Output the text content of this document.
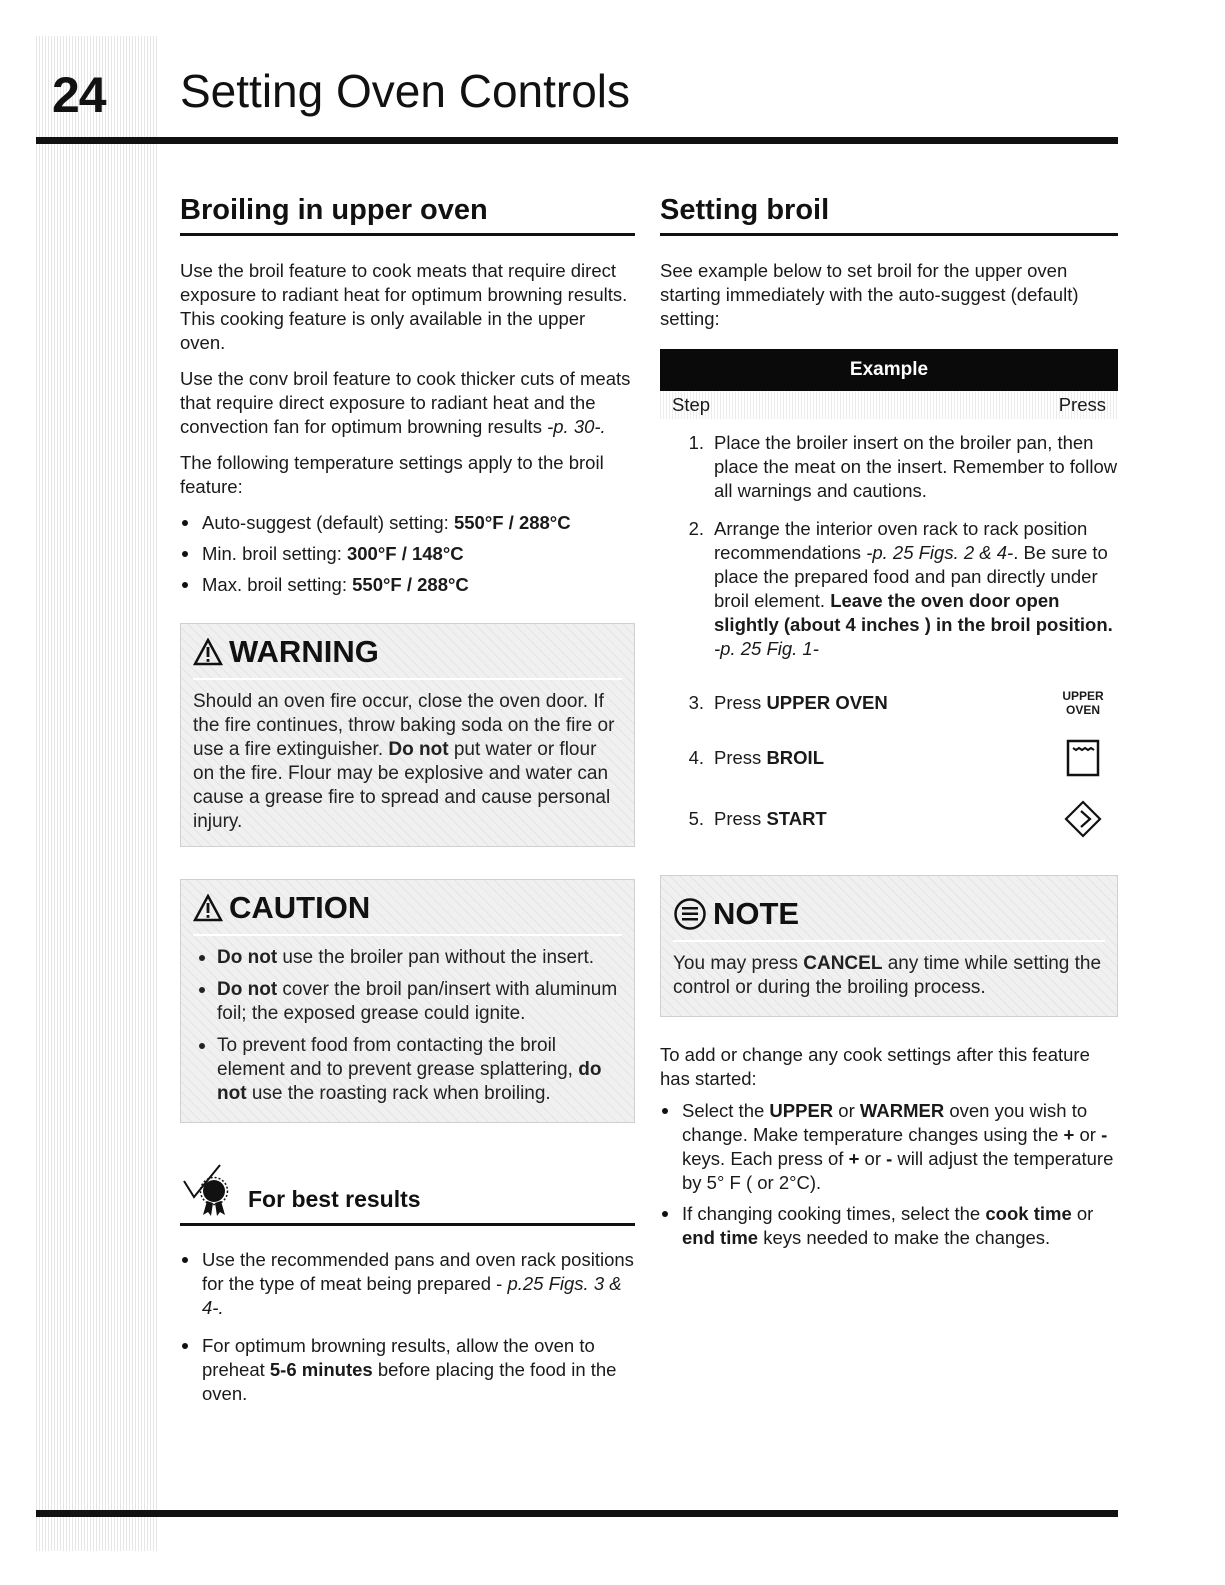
24 Setting Oven Controls
Broiling in upper oven

Use the broil feature to cook meats that require direct exposure to radiant heat for optimum browning results. This cooking feature is only available in the upper oven.

Use the conv broil feature to cook thicker cuts of meats that require direct exposure to radiant heat and the convection fan for optimum browning results -p. 30-.

The following temperature settings apply to the broil feature:

Auto-suggest (default) setting: 550°F / 288°C
Min. broil setting: 300°F / 148°C
Max. broil setting: 550°F / 288°C
WARNING

Should an oven fire occur, close the oven door. If the fire continues, throw baking soda on the fire or use a fire extinguisher. Do not put water or flour on the fire. Flour may be explosive and water can cause a grease fire to spread and cause personal injury.

CAUTION
Do not use the broiler pan without the insert.
Do not cover the broil pan/insert with aluminum foil; the exposed grease could ignite.
To prevent food from contacting the broil element and to prevent grease splattering, do not use the roasting rack when broiling.
For best results
Use the recommended pans and oven rack positions for the type of meat being prepared - p.25 Figs. 3 & 4-.
For optimum browning results, allow the oven to preheat 5-6 minutes before placing the food in the oven.
Setting broil

See example below to set broil for the upper oven starting immediately with the auto-suggest (default) setting:

Example
Step	Press
1. Place the broiler insert on the broiler pan, then place the meat on the insert. Remember to follow all warnings and cautions.
2. Arrange the interior oven rack to rack position recommendations -p. 25 Figs. 2 & 4-. Be sure to place the prepared food and pan directly under broil element. Leave the oven door open slightly (about 4 inches ) in the broil position. -p. 25 Fig. 1-
3. Press UPPER OVEN	UPPER
OVEN
4. Press BROIL
5. Press START
NOTE

You may press CANCEL any time while setting the control or during the broiling process.

To add or change any cook settings after this feature has started:

Select the UPPER or WARMER oven you wish to change. Make temperature changes using the + or - keys. Each press of + or - will adjust the temperature by 5° F ( or 2°C).
If changing cooking times, select the cook time or end time keys needed to make the changes.
